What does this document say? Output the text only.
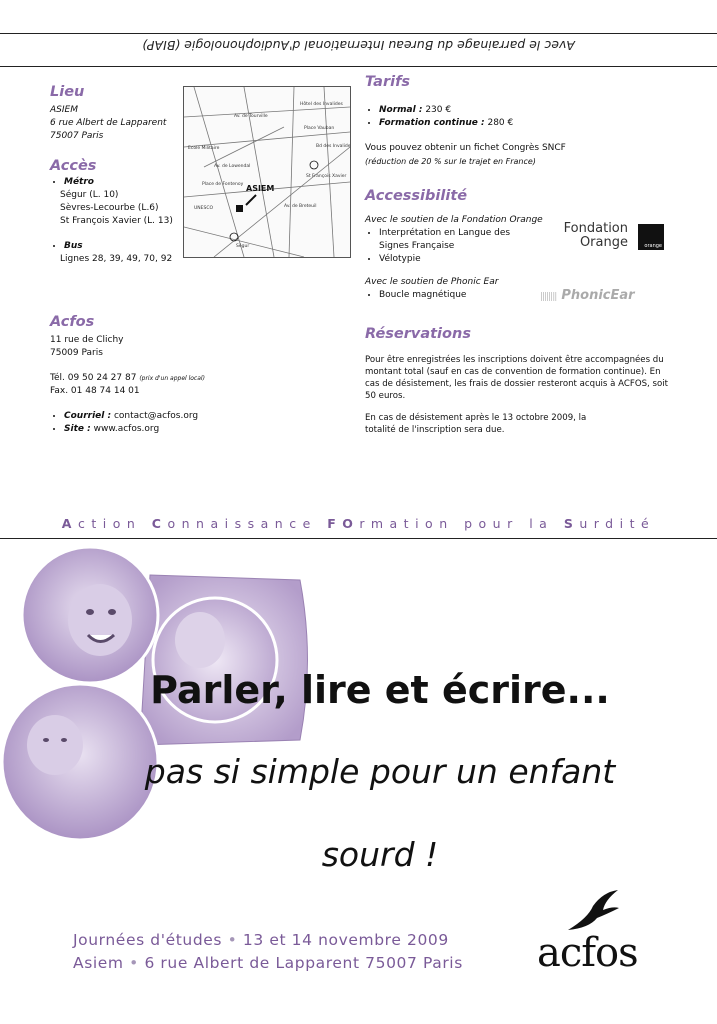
Avec le parrainage du Bureau International d'Audiophonologie (BIAP)
Lieu
ASIEM
6 rue Albert de Lapparent
75007 Paris
Accès
• Métro
Ségur (L. 10)
Sèvres-Lecourbe (L.6)
St François Xavier (L. 13)
• Bus
Lignes 28, 39, 49, 70, 92
Hôtel des Invalides
Av. de Tourville
Place Vauban
Ecole Militaire
UNESCO
Ségur
St François Xavier
Av. de Breteuil
Place de Fontenoy
Av. de Lowendal
Bd des Invalides
ASIEM
Acfos
11 rue de Clichy
75009 Paris
Tél. 09 50 24 27 87 (prix d'un appel local)
Fax. 01 48 74 14 01
• Courriel : contact@acfos.org
• Site : www.acfos.org
Tarifs
• Normal : 230 €
• Formation continue : 280 €
Vous pouvez obtenir un fichet Congrès SNCF
(réduction de 20 % sur le trajet en France)
Accessibilité
Avec le soutien de la Fondation Orange
• Interprétation en Langue des Signes Française
• Vélotypie
Avec le soutien de Phonic Ear
• Boucle magnétique
Fondation
Orange	orange
|||||||| PhonicEar
Réservations
Pour être enregistrées les inscriptions doivent être accompagnées du montant total (sauf en cas de convention de formation continue). En cas de désistement, les frais de dossier resteront acquis à ACFOS, soit 50 euros.
En cas de désistement après le 13 octobre 2009, la totalité de l'inscription sera due.
Action Connaissance FOrmation pour la Surdité
Parler, lire et écrire...
pas si simple pour un enfant
sourd !
Journées d'études • 13 et 14 novembre 2009
Asiem • 6 rue Albert de Lapparent 75007 Paris acfos
